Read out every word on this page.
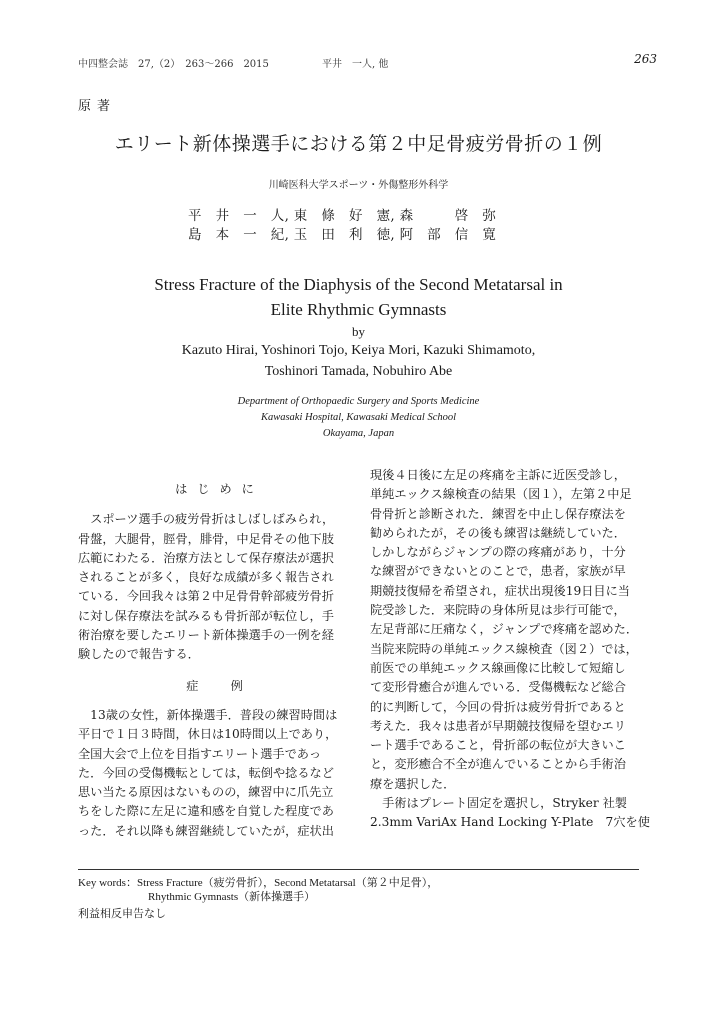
中四整会誌　27,（2）　263～266　2015	平井　一人, 他	263
原著
エリート新体操選手における第２中足骨疲労骨折の１例
川崎医科大学スポーツ・外傷整形外科学
平　井　一　人, 東　條　好　憲, 森　　　啓　弥
島　本　一　紀, 玉　田　利　徳, 阿　部　信　寛
Stress Fracture of the Diaphysis of the Second Metatarsal in
Elite Rhythmic Gymnasts
by
Kazuto Hirai, Yoshinori Tojo, Keiya Mori, Kazuki Shimamoto,
Toshinori Tamada, Nobuhiro Abe
Department of Orthopaedic Surgery and Sports Medicine
Kawasaki Hospital, Kawasaki Medical School
Okayama, Japan

はじめに

　スポーツ選手の疲労骨折はしばしばみられ，

骨盤，大腿骨，脛骨，腓骨，中足骨その他下肢

広範にわたる．治療方法として保存療法が選択

されることが多く，良好な成績が多く報告され

ている．今回我々は第２中足骨骨幹部疲労骨折

に対し保存療法を試みるも骨折部が転位し，手

術治療を要したエリート新体操選手の一例を経

験したので報告する．

症　例

　13歳の女性，新体操選手．普段の練習時間は

平日で１日３時間，休日は10時間以上であり，

全国大会で上位を目指すエリート選手であっ

た．今回の受傷機転としては，転倒や捻るなど

思い当たる原因はないものの，練習中に爪先立

ちをした際に左足に違和感を自覚した程度であ

った．それ以降も練習継続していたが，症状出

現後４日後に左足の疼痛を主訴に近医受診し，

単純エックス線検査の結果（図１），左第２中足

骨骨折と診断された．練習を中止し保存療法を

勧められたが，その後も練習は継続していた．

しかしながらジャンプの際の疼痛があり，十分

な練習ができないとのことで，患者，家族が早

期競技復帰を希望され，症状出現後19日目に当

院受診した．来院時の身体所見は歩行可能で，

左足背部に圧痛なく，ジャンプで疼痛を認めた．

当院来院時の単純エックス線検査（図２）では，

前医での単純エックス線画像に比較して短縮し

て変形骨癒合が進んでいる．受傷機転など総合

的に判断して，今回の骨折は疲労骨折であると

考えた．我々は患者が早期競技復帰を望むエリ

ート選手であること，骨折部の転位が大きいこ

と，変形癒合不全が進んでいることから手術治

療を選択した．

　手術はプレート固定を選択し，Stryker 社製

2.3mm VariAx Hand Locking Y-Plate　7穴を使

Key words：Stress Fracture（疲労骨折），Second Metatarsal（第２中足骨），
Rhythmic Gymnasts（新体操選手）
利益相反申告なし
